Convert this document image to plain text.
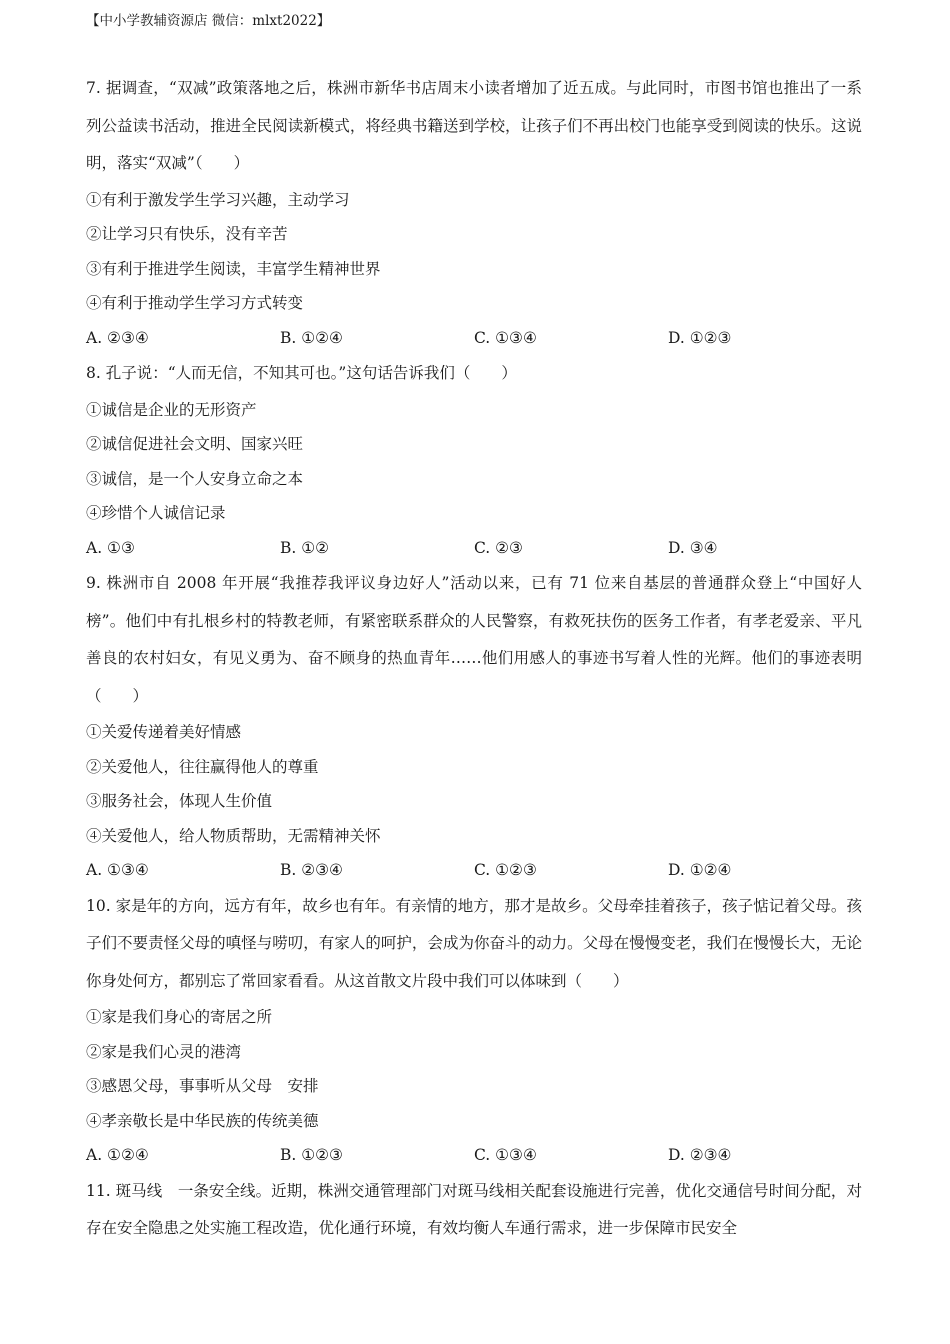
【中小学教辅资源店 微信：mlxt2022】

7. 据调查，“双减”政策落地之后，株洲市新华书店周末小读者增加了近五成。与此同时，市图书馆也推出了一系列公益读书活动，推进全民阅读新模式，将经典书籍送到学校，让孩子们不再出校门也能享受到阅读的快乐。这说明，落实“双减”（　　）

①有利于激发学生学习兴趣，主动学习

②让学习只有快乐，没有辛苦

③有利于推进学生阅读，丰富学生精神世界

④有利于推动学生学习方式转变

A. ②③④	B. ①②④	C. ①③④	D. ①②③

8. 孔子说：“人而无信，不知其可也。”这句话告诉我们（　　）

①诚信是企业的无形资产

②诚信促进社会文明、国家兴旺

③诚信，是一个人安身立命之本

④珍惜个人诚信记录

A. ①③	B. ①②	C. ②③	D. ③④

9. 株洲市自 2008 年开展“我推荐我评议身边好人”活动以来，已有 71 位来自基层的普通群众登上“中国好人榜”。他们中有扎根乡村的特教老师，有紧密联系群众的人民警察，有救死扶伤的医务工作者，有孝老爱亲、平凡善良的农村妇女，有见义勇为、奋不顾身的热血青年……他们用感人的事迹书写着人性的光辉。他们的事迹表明（　　）

①关爱传递着美好情感

②关爱他人，往往赢得他人的尊重

③服务社会，体现人生价值

④关爱他人，给人物质帮助，无需精神关怀

A. ①③④	B. ②③④	C. ①②③	D. ①②④

10. 家是年的方向，远方有年，故乡也有年。有亲情的地方，那才是故乡。父母牵挂着孩子，孩子惦记着父母。孩子们不要责怪父母的嗔怪与唠叨，有家人的呵护，会成为你奋斗的动力。父母在慢慢变老，我们在慢慢长大，无论你身处何方，都别忘了常回家看看。从这首散文片段中我们可以体味到（　　）

①家是我们身心的寄居之所

②家是我们心灵的港湾

③感恩父母，事事听从父母　安排

④孝亲敬长是中华民族的传统美德

A. ①②④	B. ①②③	C. ①③④	D. ②③④

11. 斑马线　一条安全线。近期，株洲交通管理部门对斑马线相关配套设施进行完善，优化交通信号时间分配，对存在安全隐患之处实施工程改造，优化通行环境，有效均衡人车通行需求，进一步保障市民安全
